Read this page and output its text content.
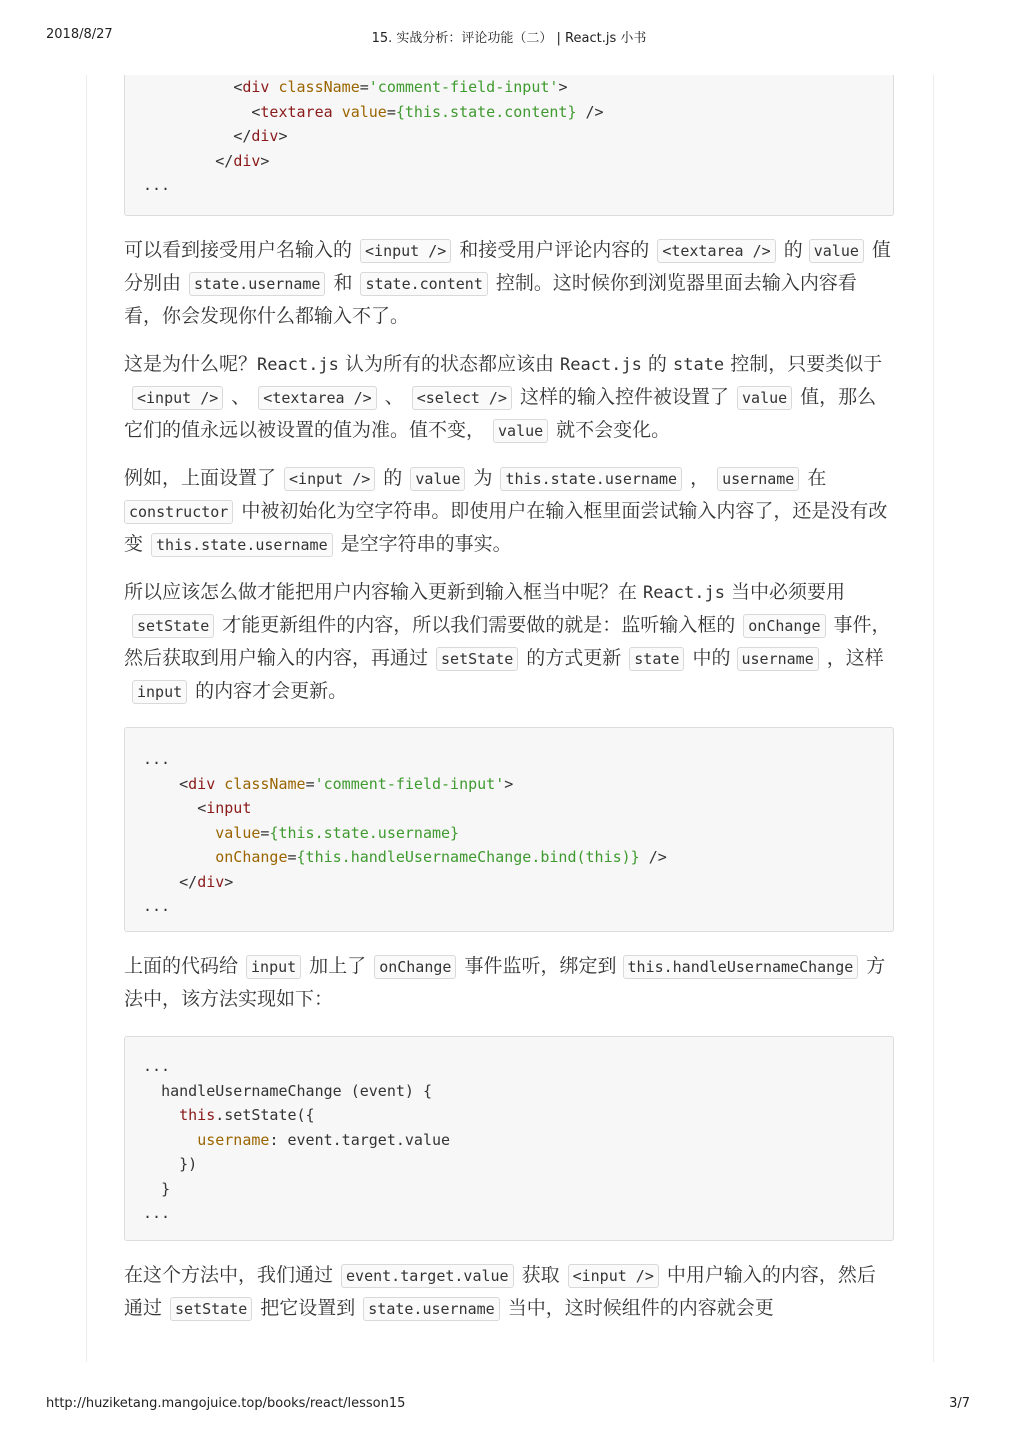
2018/8/27	15. 实战分析：评论功能（二） | React.js 小书
<div className='comment-field-input'>
<textarea value={this.state.content} />
</div>
</div>
...

可以看到接受用户名输入的 <input /> 和接受用户评论内容的 <textarea /> 的 value 值分别由 state.username 和 state.content 控制。这时候你到浏览器里面去输入内容看看，你会发现你什么都输入不了。

这是为什么呢？React.js 认为所有的状态都应该由 React.js 的 state 控制，只要类似于<input /> 、 <textarea /> 、 <select /> 这样的输入控件被设置了 value 值，那么它们的值永远以被设置的值为准。值不变， value 就不会变化。

例如，上面设置了 <input /> 的 value 为 this.state.username ， username 在 constructor 中被初始化为空字符串。即使用户在输入框里面尝试输入内容了，还是没有改变 this.state.username 是空字符串的事实。

所以应该怎么做才能把用户内容输入更新到输入框当中呢？在 React.js 当中必须要用setState 才能更新组件的内容，所以我们需要做的就是：监听输入框的 onChange 事件，然后获取到用户输入的内容，再通过 setState 的方式更新 state 中的 username ，这样input 的内容才会更新。

...
<div className='comment-field-input'>
<input
value={this.state.username}
onChange={this.handleUsernameChange.bind(this)} />
</div>
...

上面的代码给 input 加上了 onChange 事件监听，绑定到 this.handleUsernameChange 方法中，该方法实现如下：

...
handleUsernameChange (event) {
this.setState({
username: event.target.value
})
}
...

在这个方法中，我们通过 event.target.value 获取 <input /> 中用户输入的内容，然后通过 setState 把它设置到 state.username 当中，这时候组件的内容就会更

http://huziketang.mangojuice.top/books/react/lesson15	3/7
